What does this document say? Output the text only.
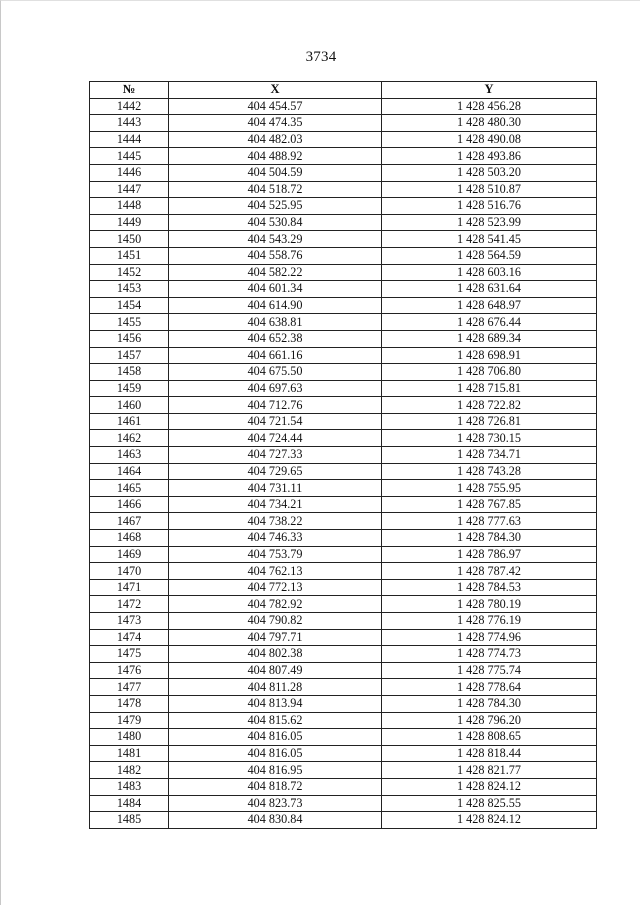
3734
№	X	Y
1442	404 454.57	1 428 456.28
1443	404 474.35	1 428 480.30
1444	404 482.03	1 428 490.08
1445	404 488.92	1 428 493.86
1446	404 504.59	1 428 503.20
1447	404 518.72	1 428 510.87
1448	404 525.95	1 428 516.76
1449	404 530.84	1 428 523.99
1450	404 543.29	1 428 541.45
1451	404 558.76	1 428 564.59
1452	404 582.22	1 428 603.16
1453	404 601.34	1 428 631.64
1454	404 614.90	1 428 648.97
1455	404 638.81	1 428 676.44
1456	404 652.38	1 428 689.34
1457	404 661.16	1 428 698.91
1458	404 675.50	1 428 706.80
1459	404 697.63	1 428 715.81
1460	404 712.76	1 428 722.82
1461	404 721.54	1 428 726.81
1462	404 724.44	1 428 730.15
1463	404 727.33	1 428 734.71
1464	404 729.65	1 428 743.28
1465	404 731.11	1 428 755.95
1466	404 734.21	1 428 767.85
1467	404 738.22	1 428 777.63
1468	404 746.33	1 428 784.30
1469	404 753.79	1 428 786.97
1470	404 762.13	1 428 787.42
1471	404 772.13	1 428 784.53
1472	404 782.92	1 428 780.19
1473	404 790.82	1 428 776.19
1474	404 797.71	1 428 774.96
1475	404 802.38	1 428 774.73
1476	404 807.49	1 428 775.74
1477	404 811.28	1 428 778.64
1478	404 813.94	1 428 784.30
1479	404 815.62	1 428 796.20
1480	404 816.05	1 428 808.65
1481	404 816.05	1 428 818.44
1482	404 816.95	1 428 821.77
1483	404 818.72	1 428 824.12
1484	404 823.73	1 428 825.55
1485	404 830.84	1 428 824.12
